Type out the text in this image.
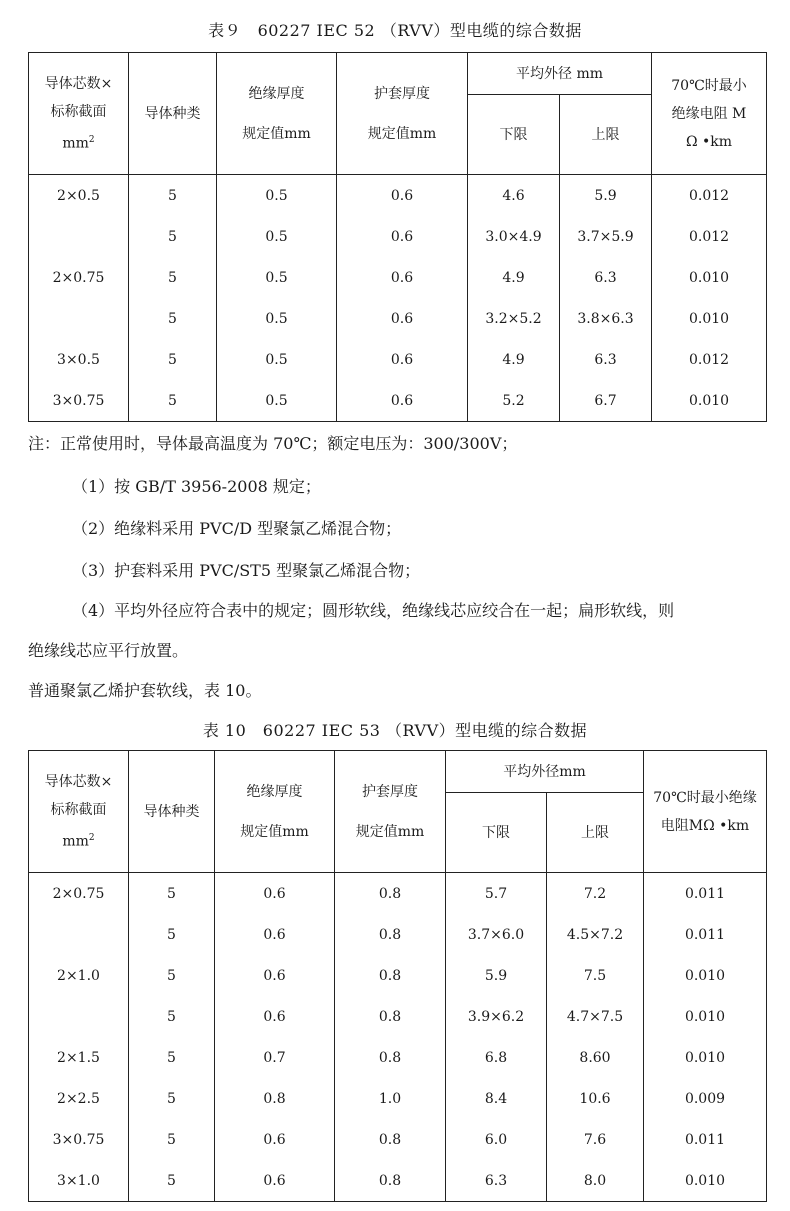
表９　60227 IEC 52 （RVV）型电缆的综合数据
导体芯数×
标称截面
$mm^2$	导体种类	绝缘厚度
规定值mm	护套厚度
规定值mm	平均外径 mm		70℃时最小
绝缘电阻 M
Ω •km

				下限	上限	
2×0.5	5	0.5	0.6	4.6	5.9	0.012
	5	0.5	0.6	3.0×4.9	3.7×5.9	0.012
2×0.75	5	0.5	0.6	4.9	6.3	0.010
	5	0.5	0.6	3.2×5.2	3.8×6.3	0.010
3×0.5	5	0.5	0.6	4.9	6.3	0.012
3×0.75	5	0.5	0.6	5.2	6.7	0.010
注：正常使用时，导体最高温度为 70℃；额定电压为：300/300V；
（1）按 GB/T 3956-2008 规定；
（2）绝缘料采用 PVC/D 型聚氯乙烯混合物；
（3）护套料采用 PVC/ST5 型聚氯乙烯混合物；
（4）平均外径应符合表中的规定；圆形软线，绝缘线芯应绞合在一起；扁形软线，则
绝缘线芯应平行放置。
普通聚氯乙烯护套软线，表 10。
表 10　60227 IEC 53 （RVV）型电缆的综合数据
导体芯数×
标称截面
$mm^2$	导体种类	绝缘厚度
规定值mm	护套厚度
规定值mm	平均外径mm		70℃时最小绝缘
电阻MΩ •km

				下限	上限	
2×0.75	5	0.6	0.8	5.7	7.2	0.011
	5	0.6	0.8	3.7×6.0	4.5×7.2	0.011
2×1.0	5	0.6	0.8	5.9	7.5	0.010
	5	0.6	0.8	3.9×6.2	4.7×7.5	0.010
2×1.5	5	0.7	0.8	6.8	8.60	0.010
2×2.5	5	0.8	1.0	8.4	10.6	0.009
3×0.75	5	0.6	0.8	6.0	7.6	0.011
3×1.0	5	0.6	0.8	6.3	8.0	0.010
